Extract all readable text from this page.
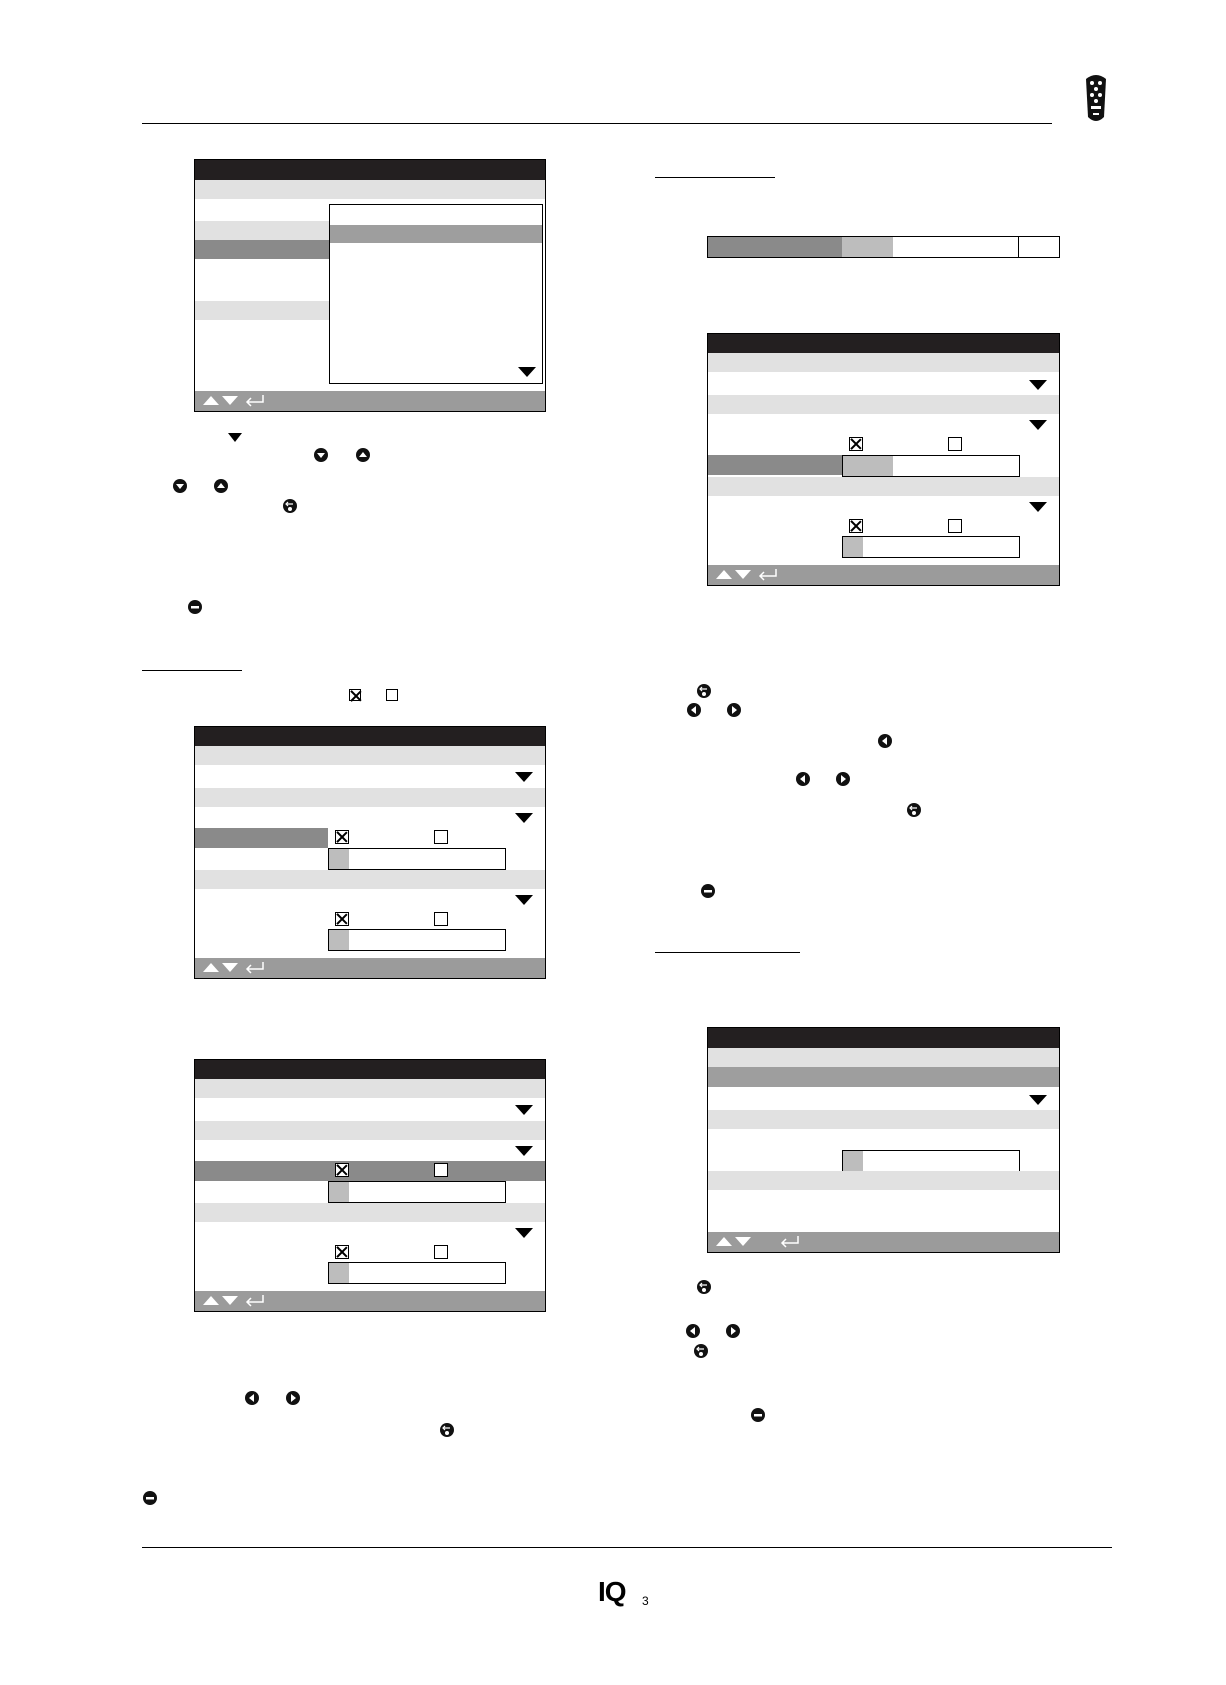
IQ 3
